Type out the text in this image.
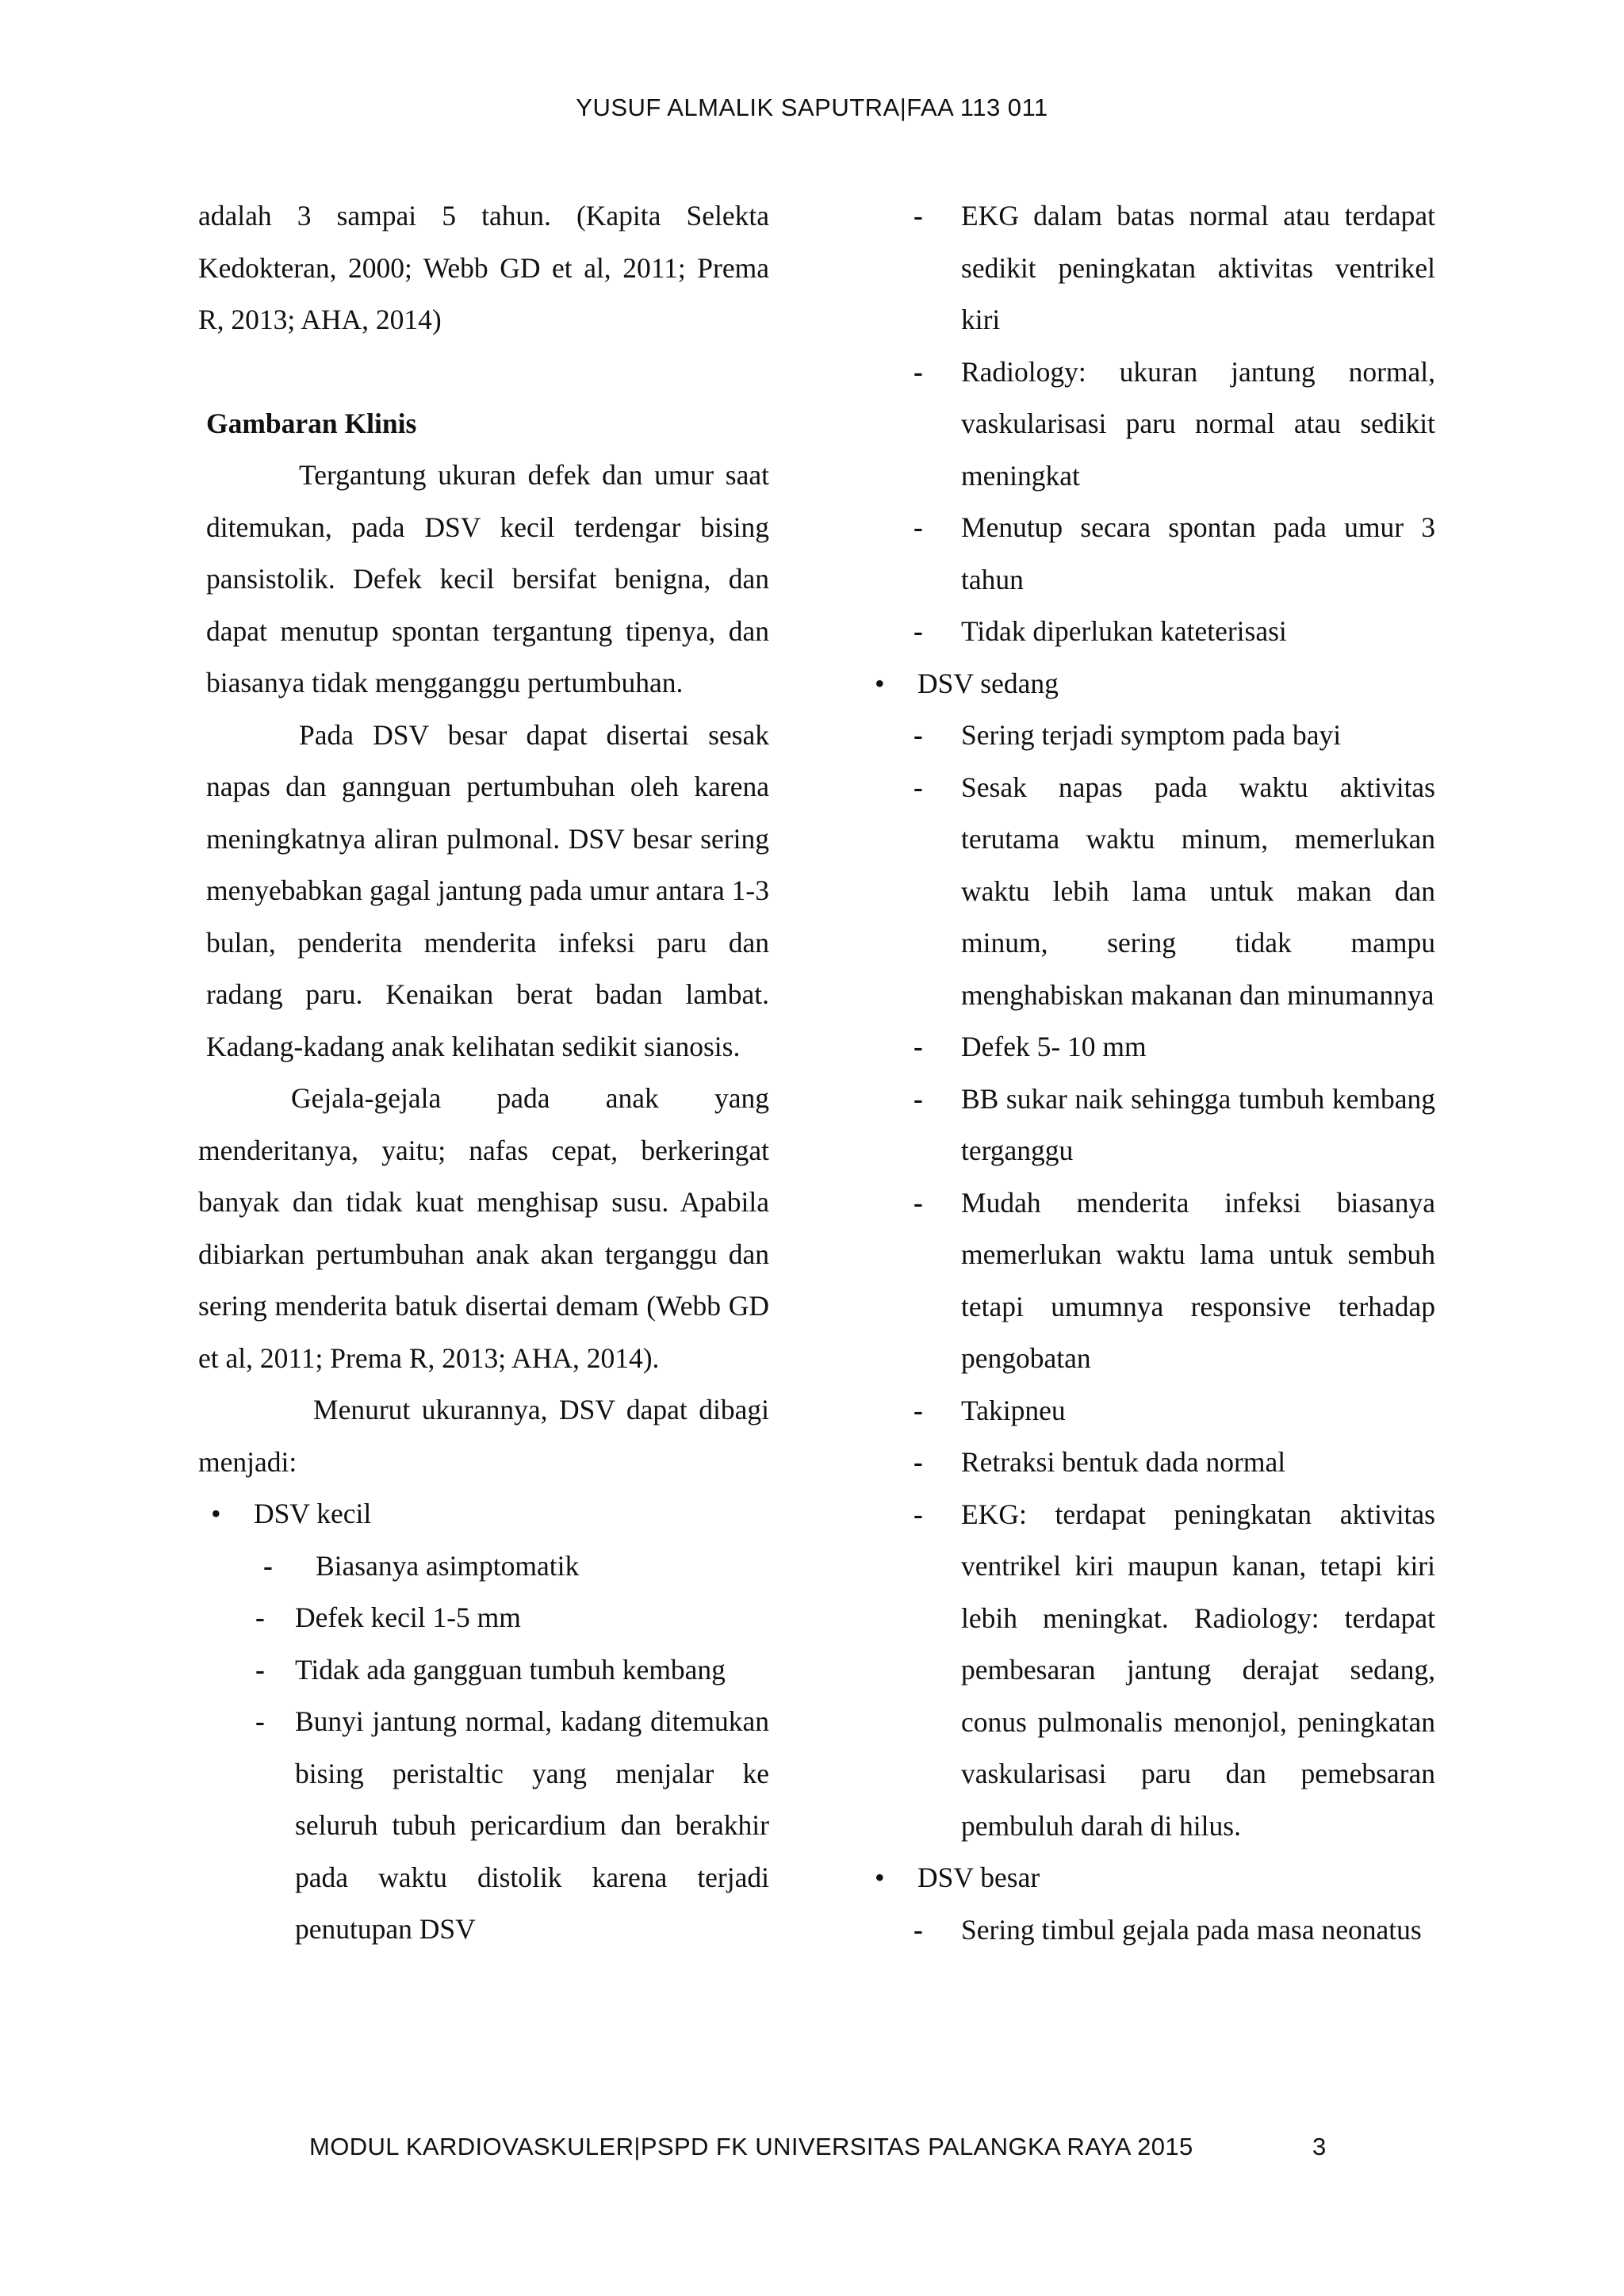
YUSUF ALMALIK SAPUTRA|FAA 113 011

adalah 3 sampai 5 tahun. (Kapita Selekta Kedokteran, 2000; Webb GD et al, 2011; Prema R, 2013; AHA, 2014)

Gambaran Klinis

Tergantung ukuran defek dan umur saat ditemukan, pada DSV kecil terdengar bising pansistolik. Defek kecil bersifat benigna, dan dapat menutup spontan tergantung tipenya, dan biasanya tidak mengganggu pertumbuhan.

Pada DSV besar dapat disertai sesak napas dan gannguan pertumbuhan oleh karena meningkatnya aliran pulmonal. DSV besar sering menyebabkan gagal jantung pada umur antara 1-3 bulan, penderita menderita infeksi paru dan radang paru. Kenaikan berat badan lambat. Kadang-kadang anak kelihatan sedikit sianosis.

Gejala-gejala pada anak yang menderitanya, yaitu; nafas cepat, berkeringat banyak dan tidak kuat menghisap susu. Apabila dibiarkan pertumbuhan anak akan terganggu dan sering menderita batuk disertai demam (Webb GD et al, 2011; Prema R, 2013; AHA, 2014).

Menurut ukurannya, DSV dapat dibagi menjadi:

• DSV kecil
- Biasanya asimptomatik
- Defek kecil 1-5 mm
- Tidak ada gangguan tumbuh kembang
- Bunyi jantung normal, kadang ditemukan bising peristaltic yang menjalar ke seluruh tubuh pericardium dan berakhir pada waktu distolik karena terjadi penutupan DSV
- EKG dalam batas normal atau terdapat sedikit peningkatan aktivitas ventrikel kiri
- Radiology: ukuran jantung normal, vaskularisasi paru normal atau sedikit meningkat
- Menutup secara spontan pada umur 3 tahun
- Tidak diperlukan kateterisasi
• DSV sedang
- Sering terjadi symptom pada bayi
- Sesak napas pada waktu aktivitas terutama waktu minum, memerlukan waktu lebih lama untuk makan dan minum, sering tidak mampu menghabiskan makanan dan minumannya
- Defek 5- 10 mm
- BB sukar naik sehingga tumbuh kembang terganggu
- Mudah menderita infeksi biasanya memerlukan waktu lama untuk sembuh tetapi umumnya responsive terhadap pengobatan
- Takipneu
- Retraksi bentuk dada normal
- EKG: terdapat peningkatan aktivitas ventrikel kiri maupun kanan, tetapi kiri lebih meningkat. Radiology: terdapat pembesaran jantung derajat sedang, conus pulmonalis menonjol, peningkatan vaskularisasi paru dan pemebsaran pembuluh darah di hilus.
• DSV besar
- Sering timbul gejala pada masa neonatus
MODUL KARDIOVASKULER|PSPD FK UNIVERSITAS PALANGKA RAYA 2015	3
